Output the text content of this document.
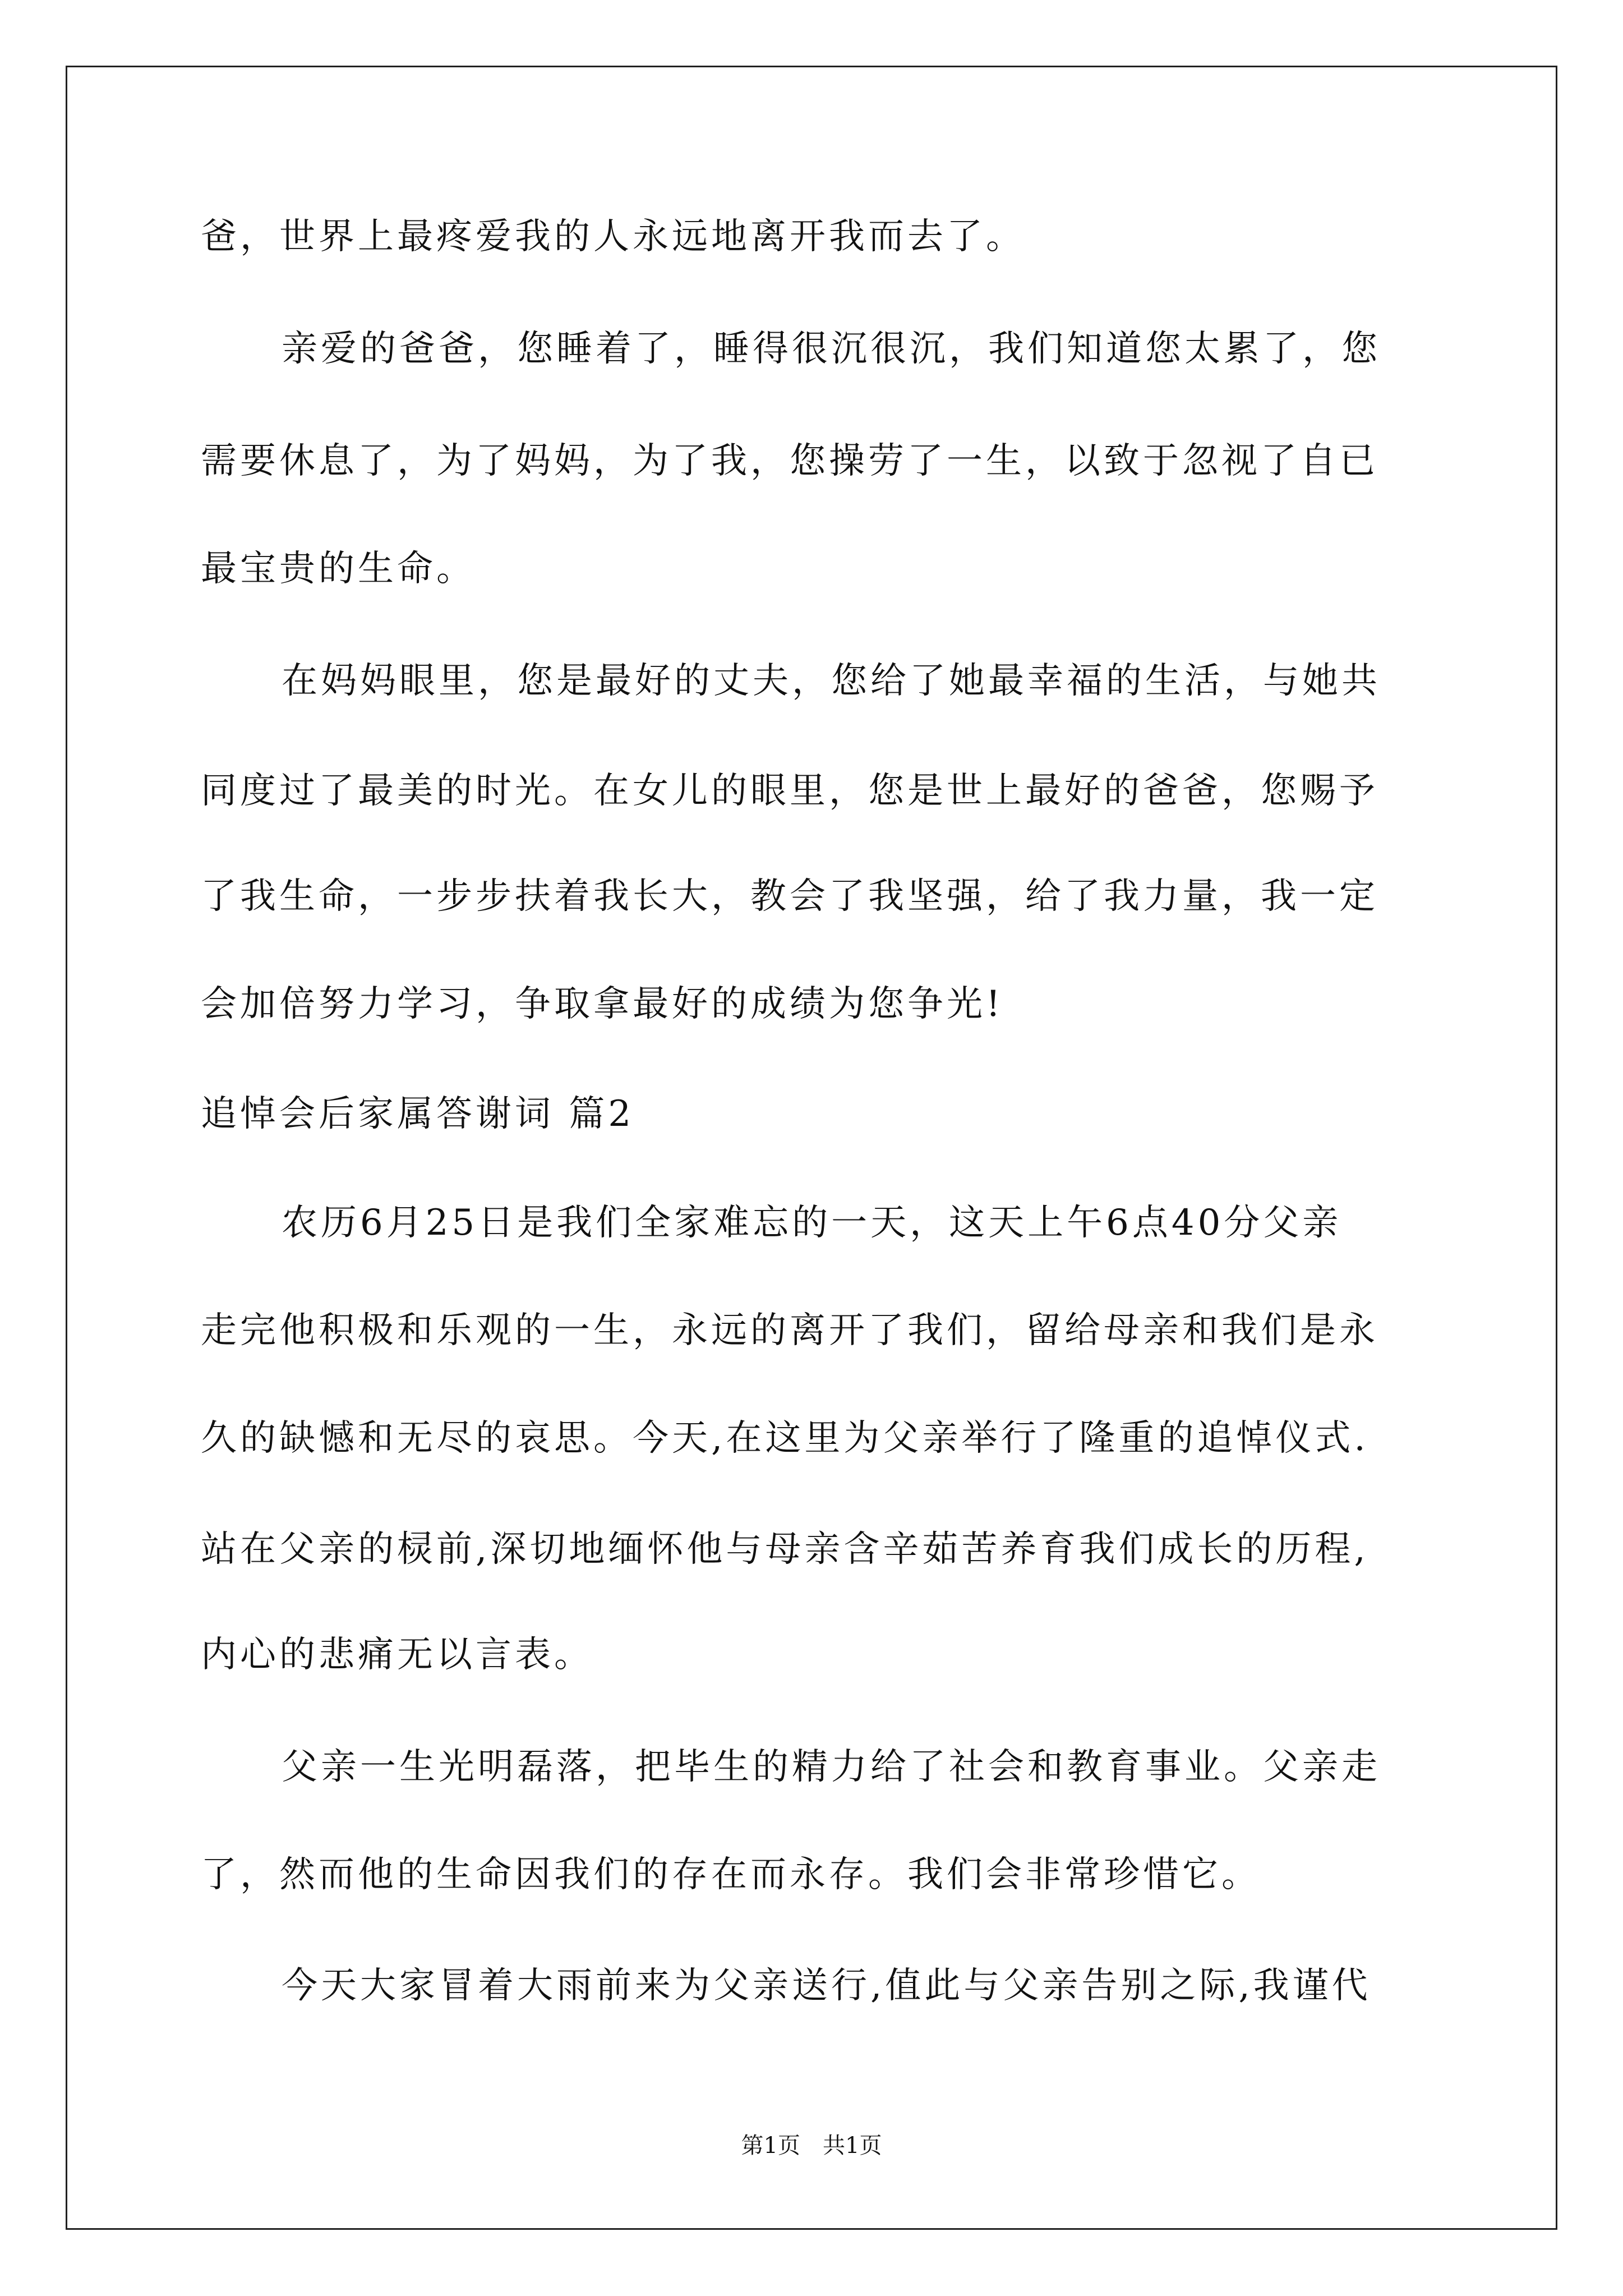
爸，世界上最疼爱我的人永远地离开我而去了。
亲爱的爸爸，您睡着了，睡得很沉很沉，我们知道您太累了，您
需要休息了，为了妈妈，为了我，您操劳了一生，以致于忽视了自已
最宝贵的生命。
在妈妈眼里，您是最好的丈夫，您给了她最幸福的生活，与她共
同度过了最美的时光。在女儿的眼里，您是世上最好的爸爸，您赐予
了我生命，一步步扶着我长大，教会了我坚强，给了我力量，我一定
会加倍努力学习，争取拿最好的成绩为您争光!
追悼会后家属答谢词 篇2
农历6月25日是我们全家难忘的一天，这天上午6点40分父亲
走完他积极和乐观的一生，永远的离开了我们，留给母亲和我们是永
久的缺憾和无尽的哀思。今天,在这里为父亲举行了隆重的追悼仪式.
站在父亲的棂前,深切地缅怀他与母亲含辛茹苦养育我们成长的历程,
内心的悲痛无以言表。
父亲一生光明磊落，把毕生的精力给了社会和教育事业。父亲走
了，然而他的生命因我们的存在而永存。我们会非常珍惜它。
今天大家冒着大雨前来为父亲送行,值此与父亲告别之际,我谨代
第1页　共1页
